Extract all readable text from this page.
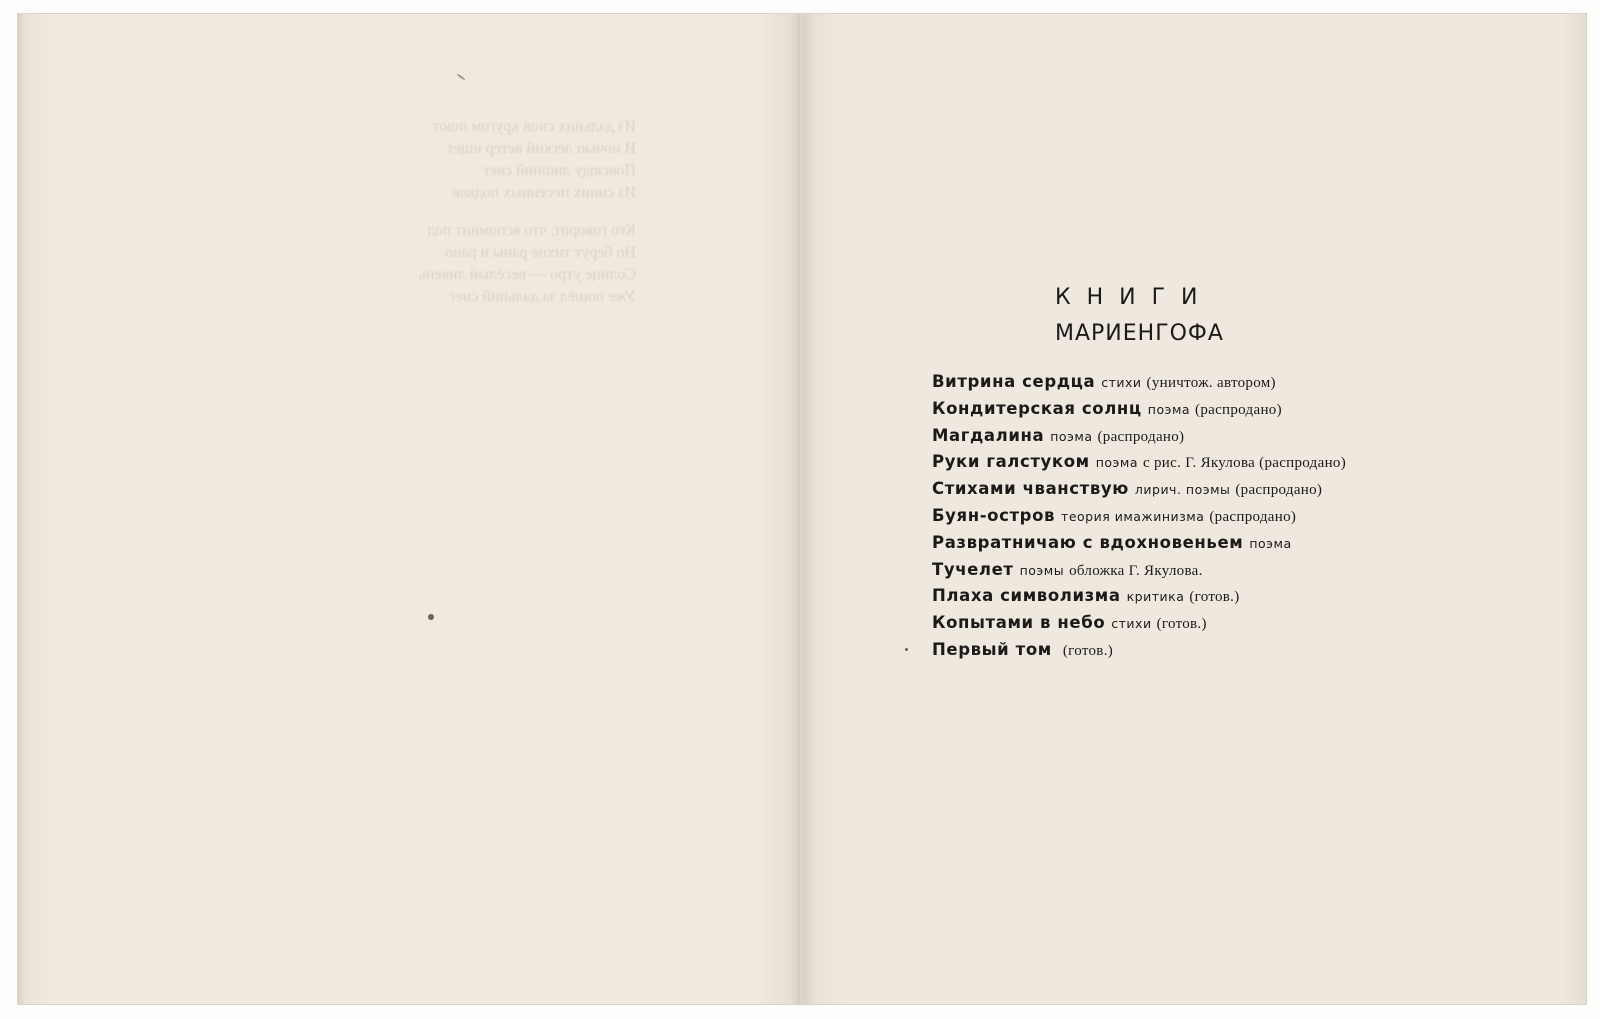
Из дальних снов кругом поют
И ночью лёгкий ветер ищет
Повсюду лишний свет
Из синих песенных подков
Кто говорит, что вспомнит под
Но берут тихие раны и рано
Солнце утро — весёлый ливень
Уже пошёл за дальний снег	КНИГИ
МАРИЕНГОФА
Витрина сердца стихи (уничтож. автором)
Кондитерская солнц поэма (распродано)
Магдалина поэма (распродано)
Руки галстуком поэма с рис. Г. Якулова (распродано)
Стихами чванствую лирич. поэмы (распродано)
Буян-остров теория имажинизма (распродано)
Развратничаю с вдохновеньем поэма
Тучелет поэмы обложка Г. Якулова.
Плаха символизма критика (готов.)
Копытами в небо стихи (готов.)
Первый том (готов.)
